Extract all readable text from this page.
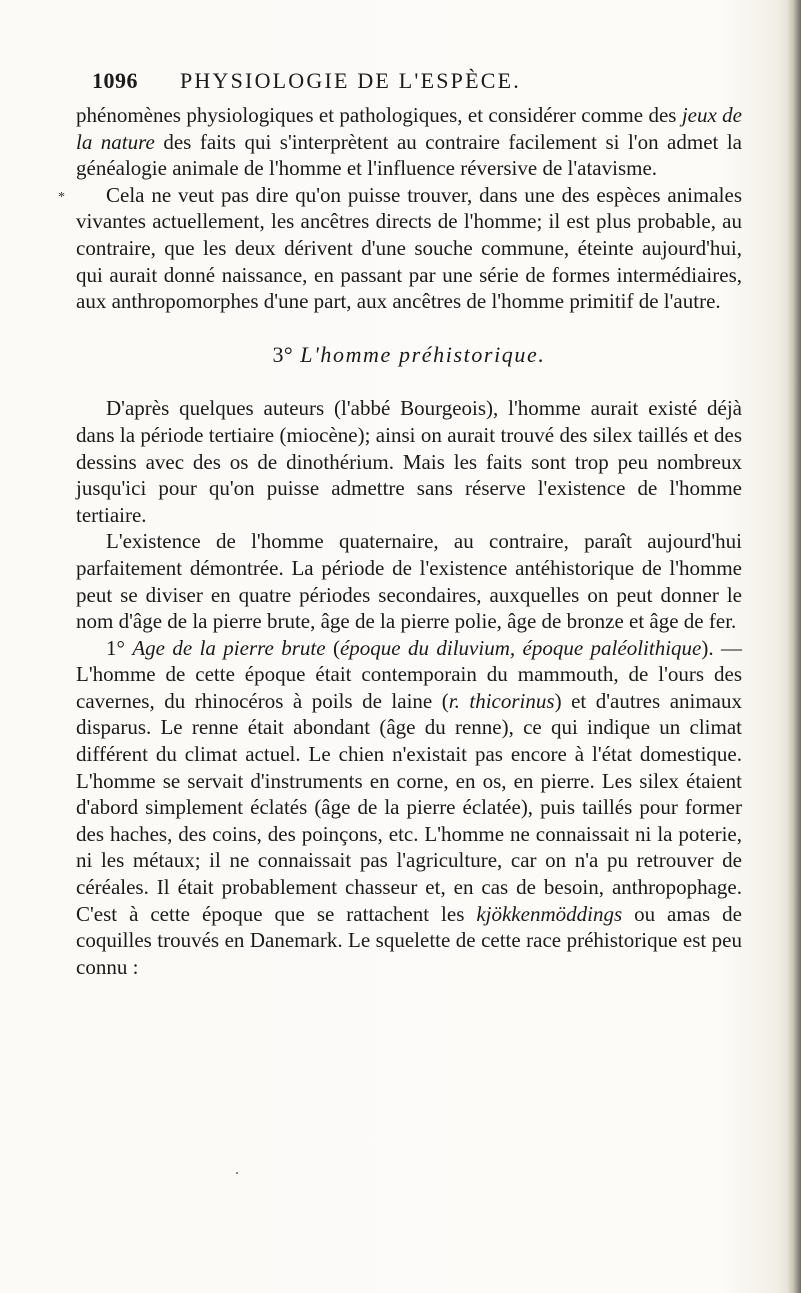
1096 PHYSIOLOGIE DE L'ESPÈCE.
*

phénomènes physiologiques et pathologiques, et considérer comme des jeux de la nature des faits qui s'interprètent au contraire facilement si l'on admet la généalogie animale de l'homme et l'influence réversive de l'atavisme.

Cela ne veut pas dire qu'on puisse trouver, dans une des espèces animales vivantes actuellement, les ancêtres directs de l'homme; il est plus probable, au contraire, que les deux dérivent d'une souche commune, éteinte aujourd'hui, qui aurait donné naissance, en passant par une série de formes intermédiaires, aux anthropomorphes d'une part, aux ancêtres de l'homme primitif de l'autre.

3° L'homme préhistorique.

D'après quelques auteurs (l'abbé Bourgeois), l'homme aurait existé déjà dans la période tertiaire (miocène); ainsi on aurait trouvé des silex taillés et des dessins avec des os de dinothérium. Mais les faits sont trop peu nombreux jusqu'ici pour qu'on puisse admettre sans réserve l'existence de l'homme tertiaire.

L'existence de l'homme quaternaire, au contraire, paraît aujourd'hui parfaitement démontrée. La période de l'existence antéhistorique de l'homme peut se diviser en quatre périodes secondaires, auxquelles on peut donner le nom d'âge de la pierre brute, âge de la pierre polie, âge de bronze et âge de fer.

1° Age de la pierre brute (époque du diluvium, époque paléolithique). — L'homme de cette époque était contemporain du mammouth, de l'ours des cavernes, du rhinocéros à poils de laine (r. thicorinus) et d'autres animaux disparus. Le renne était abondant (âge du renne), ce qui indique un climat différent du climat actuel. Le chien n'existait pas encore à l'état domestique. L'homme se servait d'instruments en corne, en os, en pierre. Les silex étaient d'abord simplement éclatés (âge de la pierre éclatée), puis taillés pour former des haches, des coins, des poinçons, etc. L'homme ne connaissait ni la poterie, ni les métaux; il ne connaissait pas l'agriculture, car on n'a pu retrouver de céréales. Il était probablement chasseur et, en cas de besoin, anthropophage. C'est à cette époque que se rattachent les kjökkenmöddings ou amas de coquilles trouvés en Danemark. Le squelette de cette race préhistorique est peu connu :
